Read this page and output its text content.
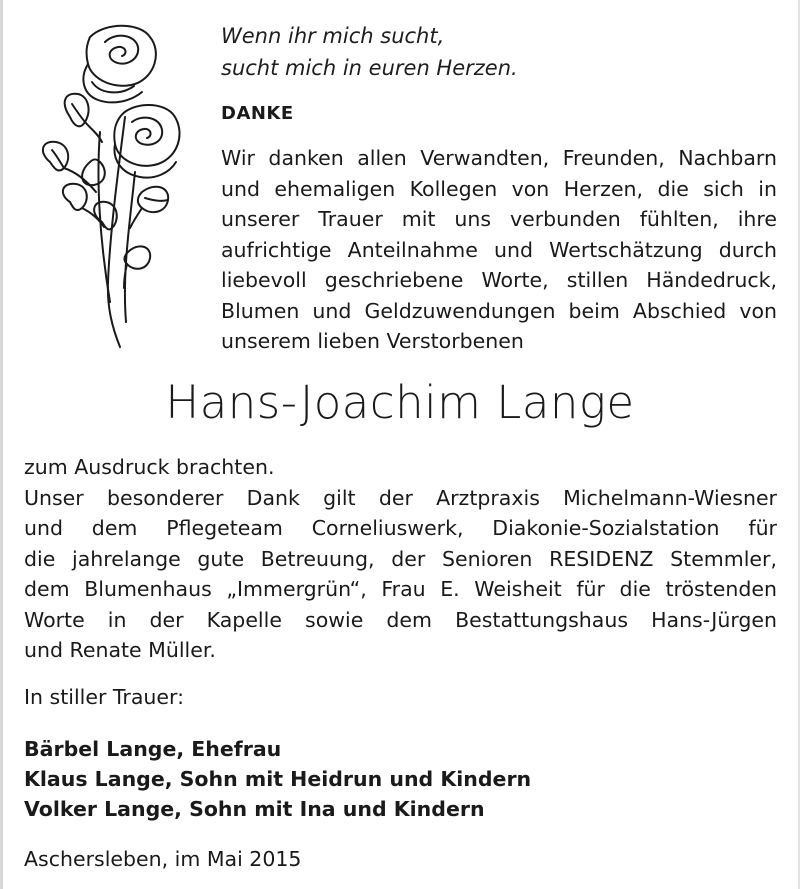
Wenn ihr mich sucht,
sucht mich in euren Herzen.
DANKE
Wir danken allen Verwandten, Freunden, Nachbarn und ehemaligen Kollegen von Herzen, die sich in unserer Trauer mit uns verbunden fühlten, ihre aufrichtige Anteilnahme und Wertschätzung durch liebevoll geschriebene Worte, stillen Händedruck, Blumen und Geldzuwendungen beim Abschied von unserem lieben Verstorbenen
Hans-Joachim Lange
zum Ausdruck brachten.
Unser besonderer Dank gilt der Arztpraxis Michelmann-Wiesner
und dem Pflegeteam Corneliuswerk, Diakonie-Sozialstation für
die jahrelange gute Betreuung, der Senioren RESIDENZ Stemmler,
dem Blumenhaus „Immergrün“, Frau E. Weisheit für die tröstenden
Worte in der Kapelle sowie dem Bestattungshaus Hans-Jürgen
und Renate Müller.
In stiller Trauer:
Bärbel Lange, Ehefrau
Klaus Lange, Sohn mit Heidrun und Kindern
Volker Lange, Sohn mit Ina und Kindern
Aschersleben, im Mai 2015
